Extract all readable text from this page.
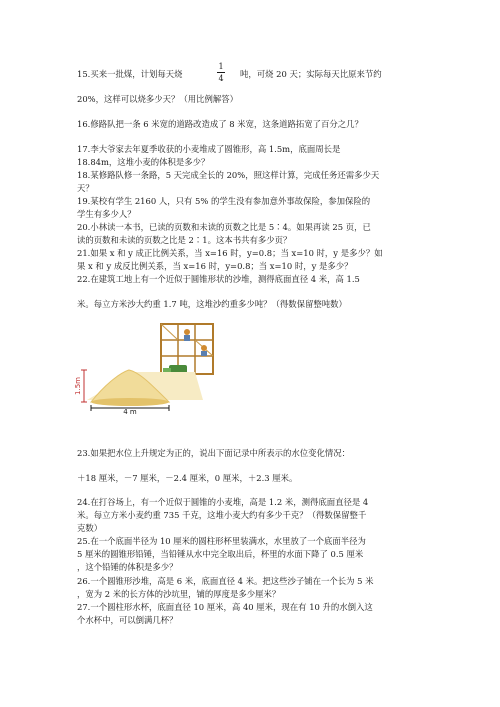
15.买来一批煤，计划每天烧
1
4 吨，可烧 20 天；实际每天比原来节约
20%，这样可以烧多少天？（用比例解答）
16.修路队把一条 6 米宽的道路改造成了 8 米宽，这条道路拓宽了百分之几？
17.李大爷家去年夏季收获的小麦堆成了圆锥形，高 1.5m，底面周长是
18.84m，这堆小麦的体积是多少？
18.某修路队修一条路，5 天完成全长的 20%，照这样计算，完成任务还需多少天
天？
19.某校有学生 2160 人，只有 5% 的学生没有参加意外事故保险，参加保险的
学生有多少人？
20.小林读一本书，已读的页数和未读的页数之比是 5∶4。如果再读 25 页，已
读的页数和未读的页数之比是 2∶1。这本书共有多少页？
21.如果 x 和 y 成正比例关系，当 x=16 时，y=0.8；当 x=10 时，y 是多少？如
果 x 和 y 成反比例关系，当 x=16 时，y=0.8；当 x=10 时，y 是多少？
22.在建筑工地上有一个近似于圆锥形状的沙堆，测得底面直径 4 米，高 1.5
米。每立方米沙大约重 1.7 吨，这堆沙约重多少吨？（得数保留整吨数）
1.5m
4 m
23.如果把水位上升规定为正的，说出下面记录中所表示的水位变化情况：
＋18 厘米，－7 厘米，－2.4 厘米，0 厘米，＋2.3 厘米。
24.在打谷场上，有一个近似于圆锥的小麦堆，高是 1.2 米，测得底面直径是 4
米。每立方米小麦约重 735 千克，这堆小麦大约有多少千克？（得数保留整千
克数）
25.在一个底面半径为 10 厘米的圆柱形杯里装满水，水里放了一个底面半径为
5 厘米的圆锥形铅锤，当铅锤从水中完全取出后，杯里的水面下降了 0.5 厘米
，这个铅锤的体积是多少？
26.一个圆锥形沙堆，高是 6 米，底面直径 4 米。把这些沙子铺在一个长为 5 米
，宽为 2 米的长方体的沙坑里，铺的厚度是多少厘米？
27.一个圆柱形水杯，底面直径 10 厘米，高 40 厘米，现在有 10 升的水倒入这
个水杯中，可以倒满几杯？
